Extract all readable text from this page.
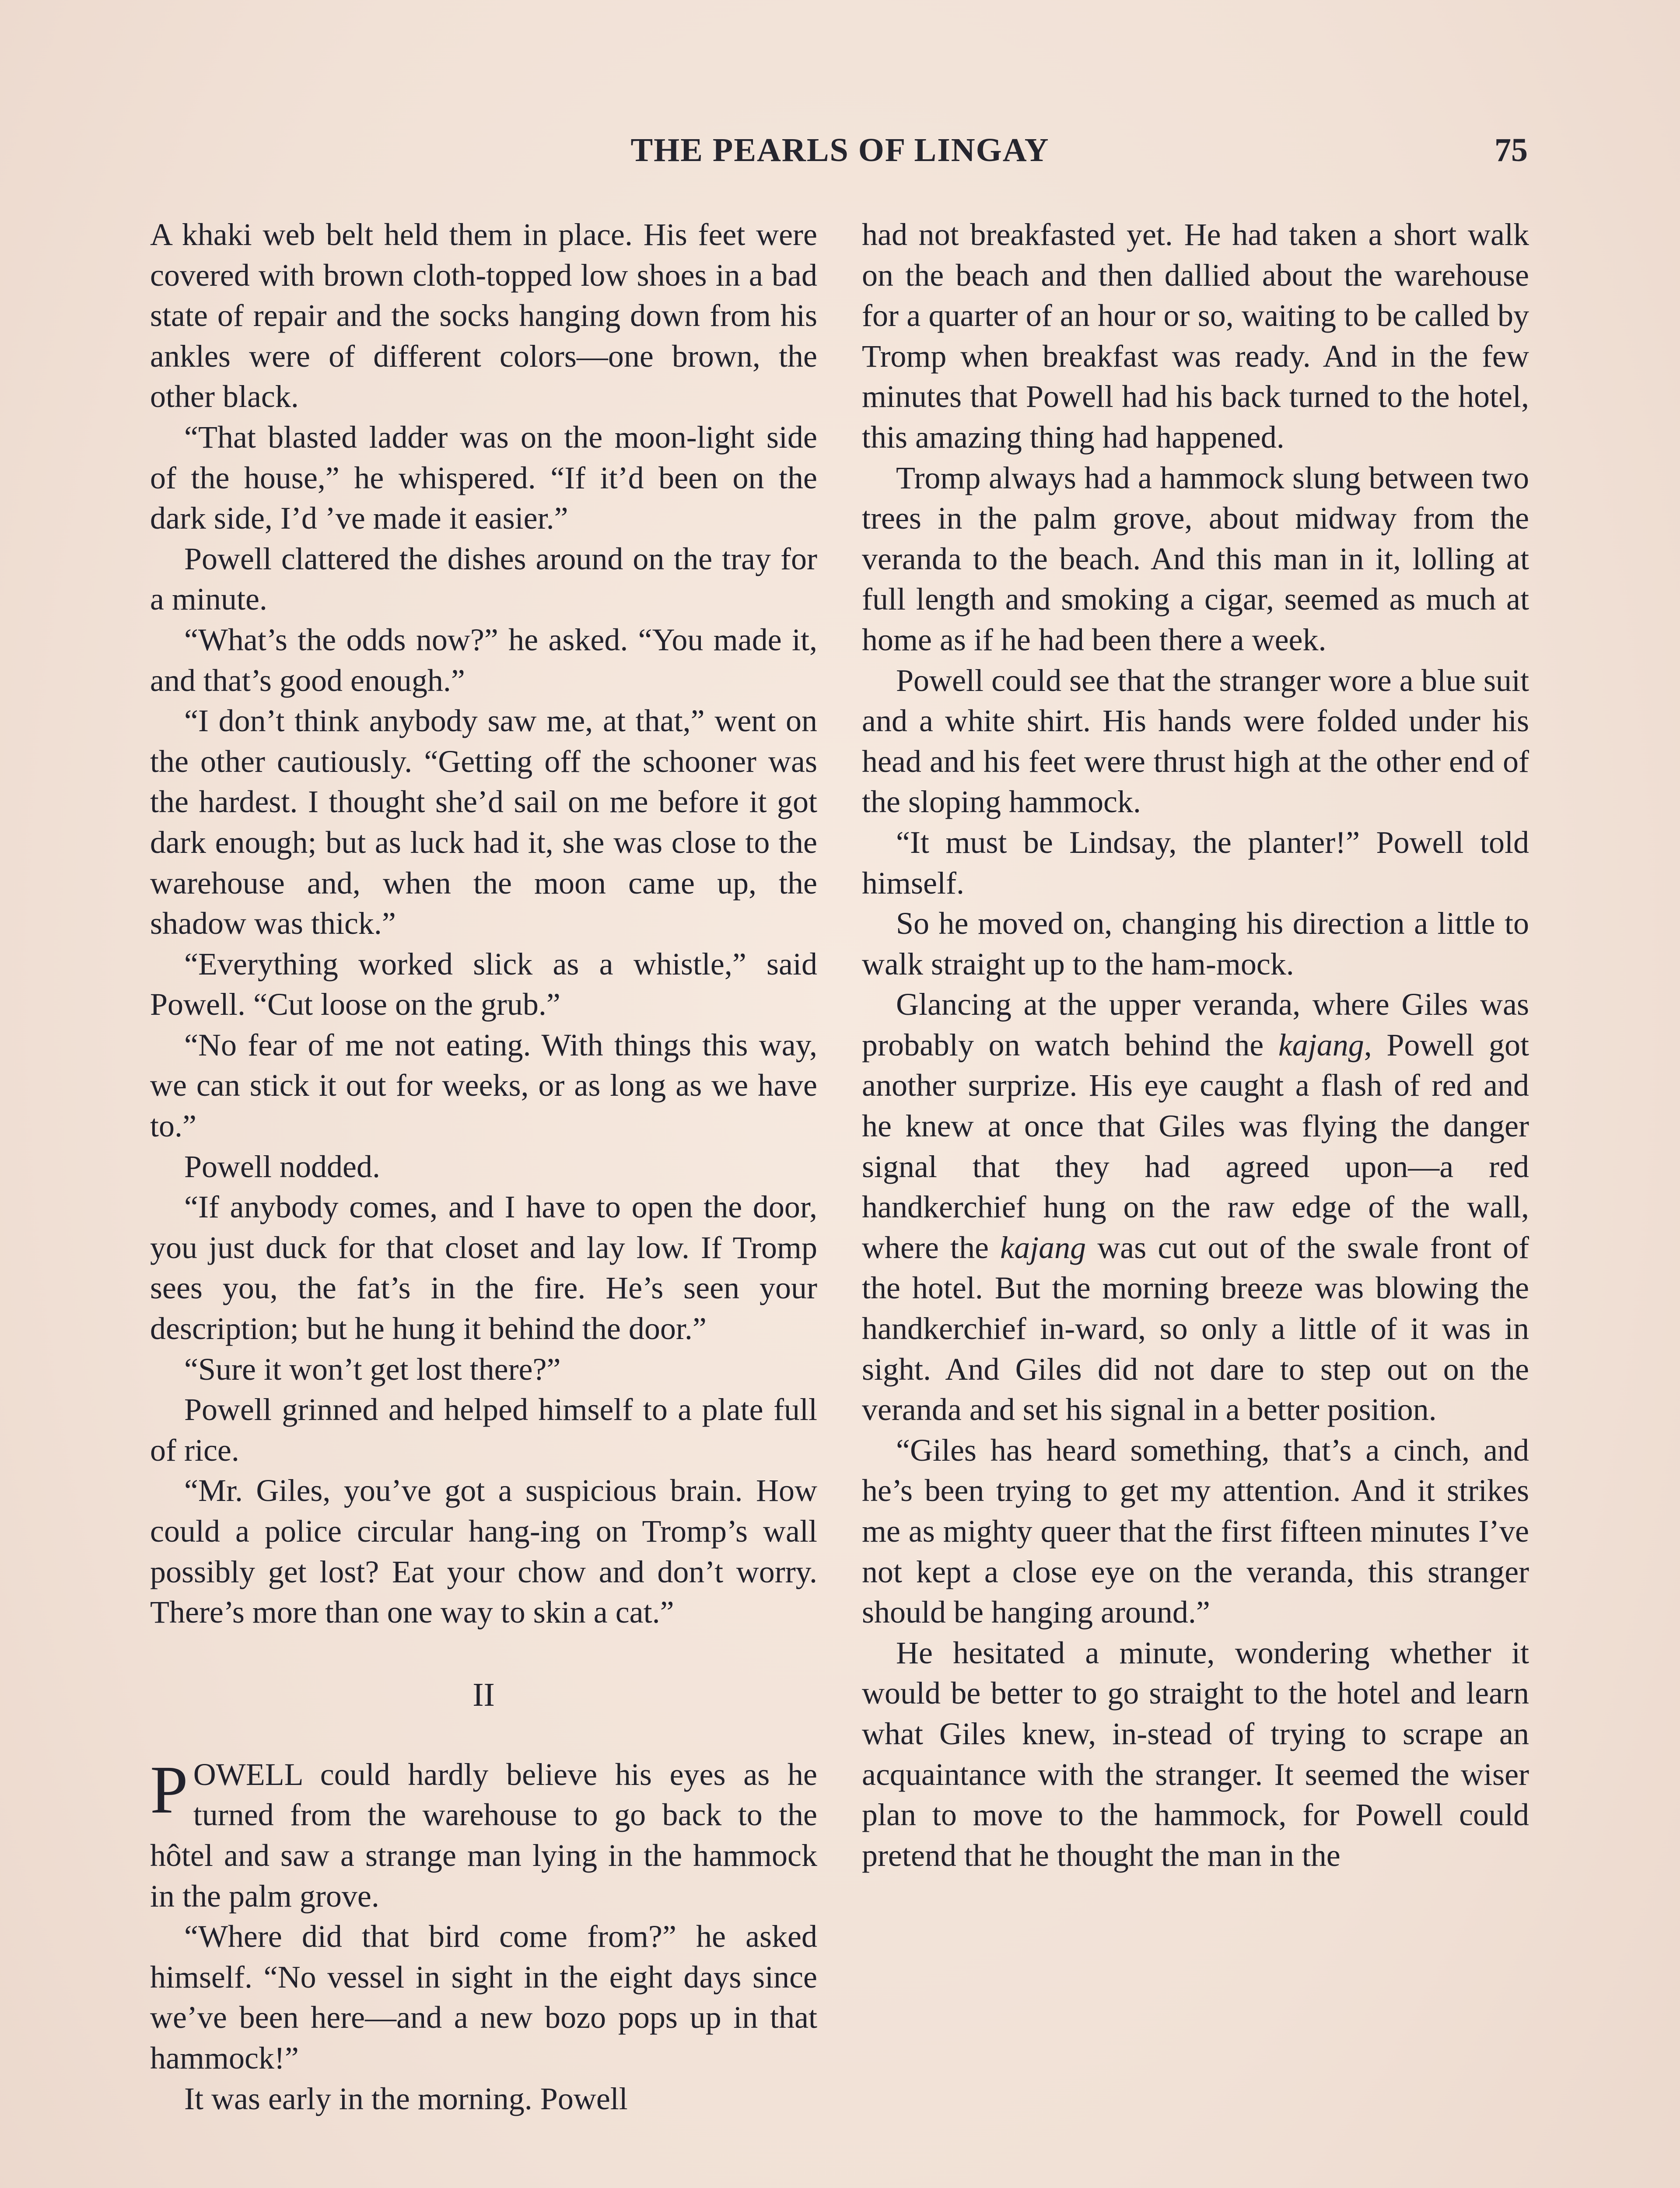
THE PEARLS OF LINGAY	75

A khaki web belt held them in place. His feet were covered with brown cloth-topped low shoes in a bad state of repair and the socks hanging down from his ankles were of different colors—one brown, the other black.

“That blasted ladder was on the moon-light side of the house,” he whispered. “If it’d been on the dark side, I’d ’ve made it easier.”

Powell clattered the dishes around on the tray for a minute.

“What’s the odds now?” he asked. “You made it, and that’s good enough.”

“I don’t think anybody saw me, at that,” went on the other cautiously. “Getting off the schooner was the hardest. I thought she’d sail on me before it got dark enough; but as luck had it, she was close to the warehouse and, when the moon came up, the shadow was thick.”

“Everything worked slick as a whistle,” said Powell. “Cut loose on the grub.”

“No fear of me not eating. With things this way, we can stick it out for weeks, or as long as we have to.”

Powell nodded.

“If anybody comes, and I have to open the door, you just duck for that closet and lay low. If Tromp sees you, the fat’s in the fire. He’s seen your description; but he hung it behind the door.”

“Sure it won’t get lost there?”

Powell grinned and helped himself to a plate full of rice.

“Mr. Giles, you’ve got a suspicious brain. How could a police circular hang-ing on Tromp’s wall possibly get lost? Eat your chow and don’t worry. There’s more than one way to skin a cat.”

II

POWELL could hardly believe his eyes as he turned from the warehouse to go back to the hôtel and saw a strange man lying in the hammock in the palm grove.

“Where did that bird come from?” he asked himself. “No vessel in sight in the eight days since we’ve been here—and a new bozo pops up in that hammock!”

It was early in the morning. Powell

had not breakfasted yet. He had taken a short walk on the beach and then dallied about the warehouse for a quarter of an hour or so, waiting to be called by Tromp when breakfast was ready. And in the few minutes that Powell had his back turned to the hotel, this amazing thing had happened.

Tromp always had a hammock slung between two trees in the palm grove, about midway from the veranda to the beach. And this man in it, lolling at full length and smoking a cigar, seemed as much at home as if he had been there a week.

Powell could see that the stranger wore a blue suit and a white shirt. His hands were folded under his head and his feet were thrust high at the other end of the sloping hammock.

“It must be Lindsay, the planter!” Powell told himself.

So he moved on, changing his direction a little to walk straight up to the ham-mock.

Glancing at the upper veranda, where Giles was probably on watch behind the kajang, Powell got another surprize. His eye caught a flash of red and he knew at once that Giles was flying the danger signal that they had agreed upon—a red handkerchief hung on the raw edge of the wall, where the kajang was cut out of the swale front of the hotel. But the morning breeze was blowing the handkerchief in-ward, so only a little of it was in sight. And Giles did not dare to step out on the veranda and set his signal in a better position.

“Giles has heard something, that’s a cinch, and he’s been trying to get my attention. And it strikes me as mighty queer that the first fifteen minutes I’ve not kept a close eye on the veranda, this stranger should be hanging around.”

He hesitated a minute, wondering whether it would be better to go straight to the hotel and learn what Giles knew, in-stead of trying to scrape an acquaintance with the stranger. It seemed the wiser plan to move to the hammock, for Powell could pretend that he thought the man in the
